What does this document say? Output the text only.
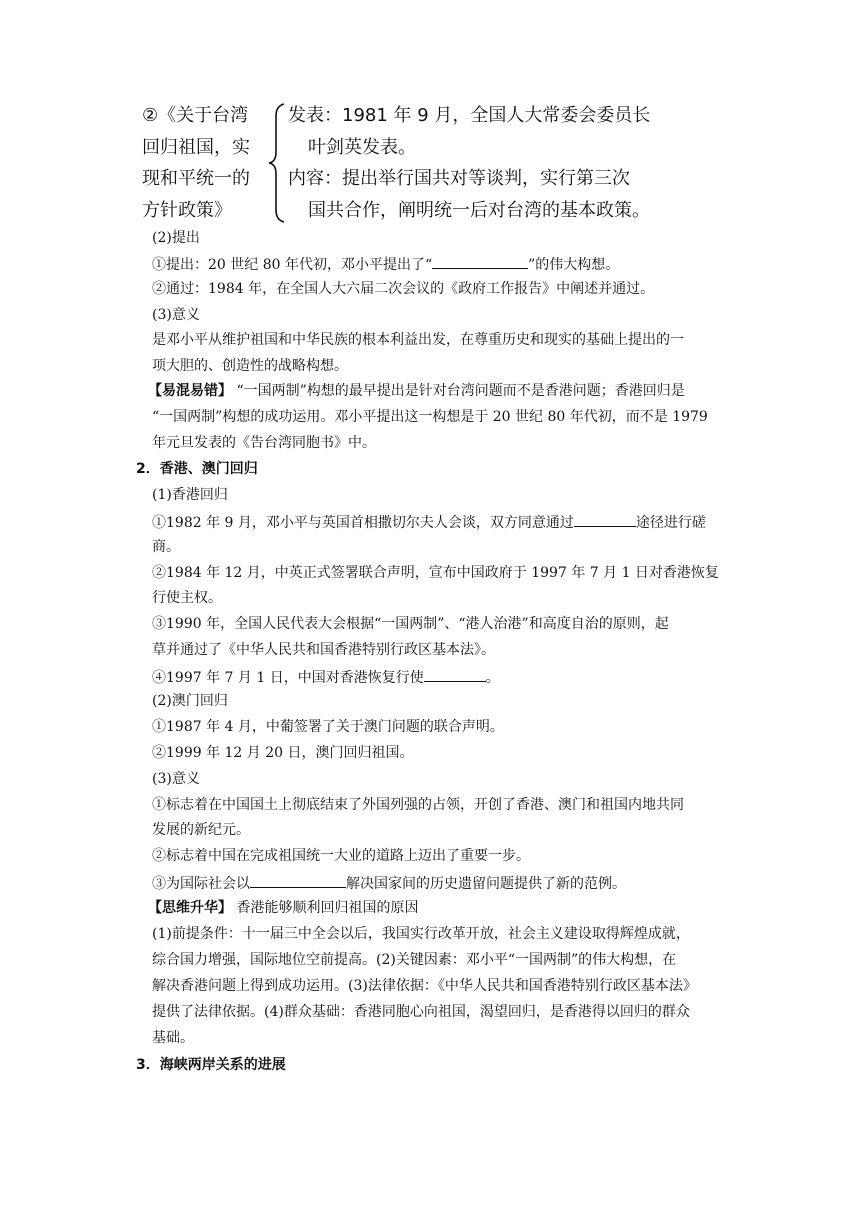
②《关于台湾
回归祖国，实
现和平统一的
方针政策》
发表：1981 年 9 月，全国人大常委会委员长
叶剑英发表。
内容：提出举行国共对等谈判，实行第三次
国共合作，阐明统一后对台湾的基本政策。
(2)提出
①提出：20 世纪 80 年代初，邓小平提出了“	”的伟大构想。
②通过：1984 年，在全国人大六届二次会议的《政府工作报告》中阐述并通过。
(3)意义
是邓小平从维护祖国和中华民族的根本利益出发，在尊重历史和现实的基础上提出的一
项大胆的、创造性的战略构想。
【易混易错】 “一国两制”构想的最早提出是针对台湾问题而不是香港问题；香港回归是
“一国两制”构想的成功运用。邓小平提出这一构想是于 20 世纪 80 年代初，而不是 1979
年元旦发表的《告台湾同胞书》中。
2．香港、澳门回归
(1)香港回归
①1982 年 9 月，邓小平与英国首相撒切尔夫人会谈，双方同意通过	途径进行磋
商。
②1984 年 12 月，中英正式签署联合声明，宣布中国政府于 1997 年 7 月 1 日对香港恢复
行使主权。
③1990 年，全国人民代表大会根据“一国两制”、“港人治港”和高度自治的原则，起
草并通过了《中华人民共和国香港特别行政区基本法》。
④1997 年 7 月 1 日，中国对香港恢复行使	。
(2)澳门回归
①1987 年 4 月，中葡签署了关于澳门问题的联合声明。
②1999 年 12 月 20 日，澳门回归祖国。
(3)意义
①标志着在中国国土上彻底结束了外国列强的占领，开创了香港、澳门和祖国内地共同
发展的新纪元。
②标志着中国在完成祖国统一大业的道路上迈出了重要一步。
③为国际社会以	解决国家间的历史遗留问题提供了新的范例。
【思维升华】 香港能够顺利回归祖国的原因
(1)前提条件：十一届三中全会以后，我国实行改革开放，社会主义建设取得辉煌成就，
综合国力增强，国际地位空前提高。(2)关键因素：邓小平“一国两制”的伟大构想，在
解决香港问题上得到成功运用。(3)法律依据：《中华人民共和国香港特别行政区基本法》
提供了法律依据。(4)群众基础：香港同胞心向祖国，渴望回归，是香港得以回归的群众
基础。
3．海峡两岸关系的进展
